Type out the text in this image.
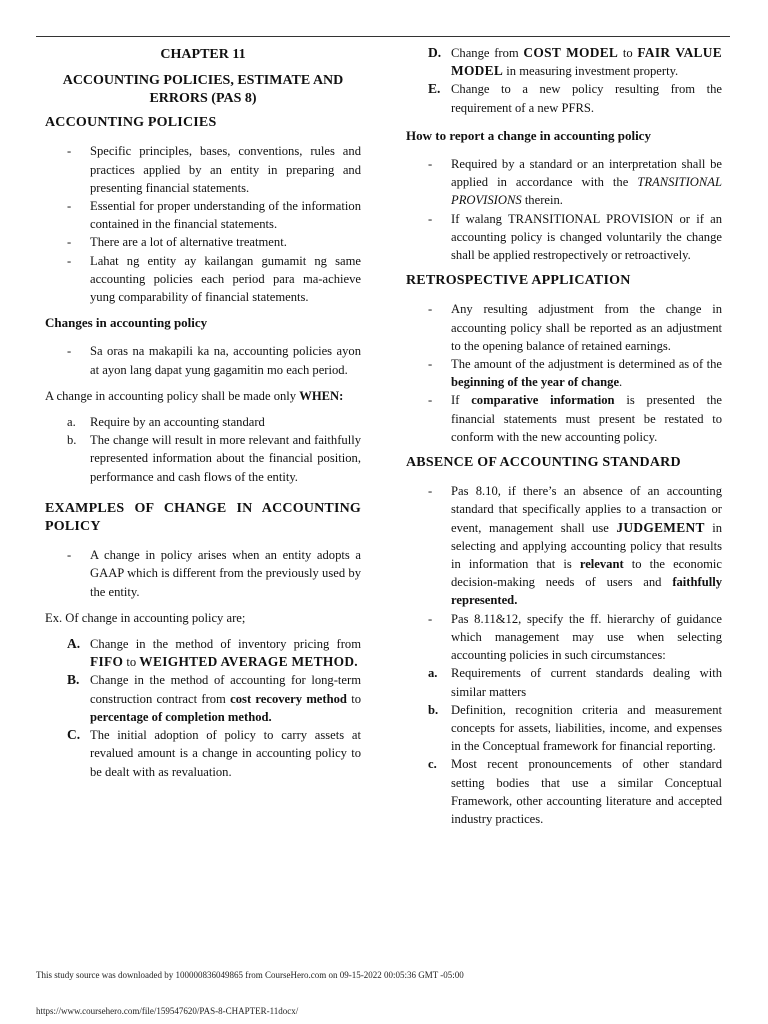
CHAPTER 11

ACCOUNTING POLICIES, ESTIMATE AND ERRORS (PAS 8)

ACCOUNTING POLICIES

- Specific principles, bases, conventions, rules and practices applied by an entity in preparing and presenting financial statements.
- Essential for proper understanding of the information contained in the financial statements.
- There are a lot of alternative treatment.
- Lahat ng entity ay kailangan gumamit ng same accounting policies each period para ma-achieve yung comparability of financial statements.

Changes in accounting policy

- Sa oras na makapili ka na, accounting policies ayon at ayon lang dapat yung gagamitin mo each period.

A change in accounting policy shall be made only WHEN:

a. Require by an accounting standard
b. The change will result in more relevant and faithfully represented information about the financial position, performance and cash flows of the entity.

EXAMPLES OF CHANGE IN ACCOUNTING POLICY

- A change in policy arises when an entity adopts a GAAP which is different from the previously used by the entity.

Ex. Of change in accounting policy are;

A. Change in the method of inventory pricing from FIFO to WEIGHTED AVERAGE METHOD.
B. Change in the method of accounting for long-term construction contract from cost recovery method to percentage of completion method.
C. The initial adoption of policy to carry assets at revalued amount is a change in accounting policy to be dealt with as revaluation.
D. Change from COST MODEL to FAIR VALUE MODEL in measuring investment property.
E. Change to a new policy resulting from the requirement of a new PFRS.

How to report a change in accounting policy

- Required by a standard or an interpretation shall be applied in accordance with the TRANSITIONAL PROVISIONS therein.
- If walang TRANSITIONAL PROVISION or if an accounting policy is changed voluntarily the change shall be applied restropectively or retroactively.

RETROSPECTIVE APPLICATION

- Any resulting adjustment from the change in accounting policy shall be reported as an adjustment to the opening balance of retained earnings.
- The amount of the adjustment is determined as of the beginning of the year of change.
- If comparative information is presented the financial statements must present be restated to conform with the new accounting policy.

ABSENCE OF ACCOUNTING STANDARD

- Pas 8.10, if there’s an absence of an accounting standard that specifically applies to a transaction or event, management shall use JUDGEMENT in selecting and applying accounting policy that results in information that is relevant to the economic decision-making needs of users and faithfully represented.
- Pas 8.11&12, specify the ff. hierarchy of guidance which management may use when selecting accounting policies in such circumstances:
a. Requirements of current standards dealing with similar matters
b. Definition, recognition criteria and measurement concepts for assets, liabilities, income, and expenses in the Conceptual framework for financial reporting.
c. Most recent pronouncements of other standard setting bodies that use a similar Conceptual Framework, other accounting literature and accepted industry practices.
This study source was downloaded by 100000836049865 from CourseHero.com on 09-15-2022 00:05:36 GMT -05:00
https://www.coursehero.com/file/159547620/PAS-8-CHAPTER-11docx/
